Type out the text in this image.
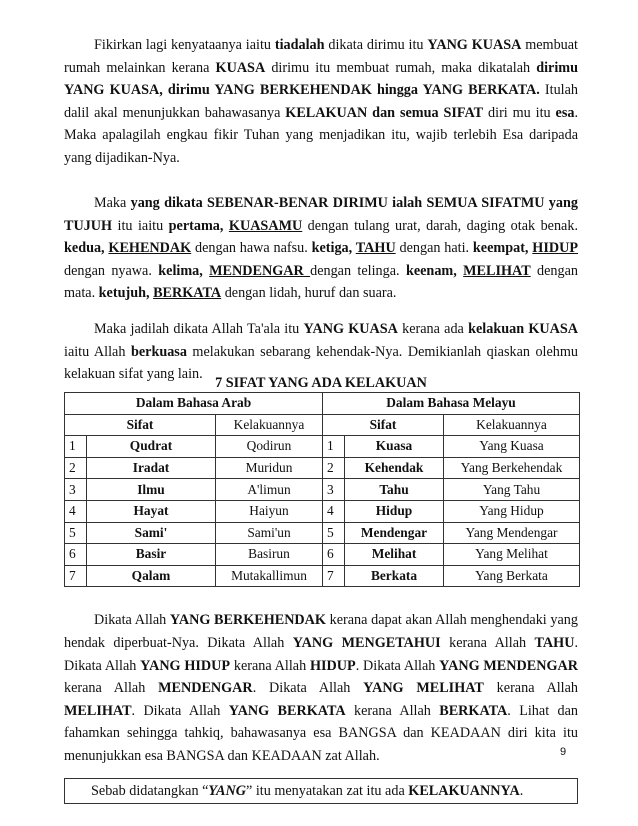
Fikirkan lagi kenyataanya iaitu tiadalah dikata dirimu itu YANG KUASA membuat rumah melainkan kerana KUASA dirimu itu membuat rumah, maka dikatalah dirimu YANG KUASA, dirimu YANG BERKEHENDAK hingga YANG BERKATA. Itulah dalil akal menunjukkan bahawasanya KELAKUAN dan semua SIFAT diri mu itu esa. Maka apalagilah engkau fikir Tuhan yang menjadikan itu, wajib terlebih Esa daripada yang dijadikan-Nya.

Maka yang dikata SEBENAR-BENAR DIRIMU ialah SEMUA SIFATMU yang TUJUH itu iaitu pertama, KUASAMU dengan tulang urat, darah, daging otak benak. kedua, KEHENDAK dengan hawa nafsu. ketiga, TAHU dengan hati. keempat, HIDUP dengan nyawa. kelima, MENDENGAR dengan telinga. keenam, MELIHAT dengan mata. ketujuh, BERKATA dengan lidah, huruf dan suara.

Maka jadilah dikata Allah Ta'ala itu YANG KUASA kerana ada kelakuan KUASA iaitu Allah berkuasa melakukan sebarang kehendak-Nya. Demikianlah qiaskan olehmu kelakuan sifat yang lain.

7 SIFAT YANG ADA KELAKUAN
Dalam Bahasa Arab			Dalam Bahasa Melayu		
Sifat		Kelakuannya	Sifat		Kelakuannya
1	Qudrat	Qodirun	1	Kuasa	Yang Kuasa
2	Iradat	Muridun	2	Kehendak	Yang Berkehendak
3	Ilmu	A'limun	3	Tahu	Yang Tahu
4	Hayat	Haiyun	4	Hidup	Yang Hidup
5	Sami'	Sami'un	5	Mendengar	Yang Mendengar
6	Basir	Basirun	6	Melihat	Yang Melihat
7	Qalam	Mutakallimun	7	Berkata	Yang Berkata

Dikata Allah YANG BERKEHENDAK kerana dapat akan Allah menghendaki yang hendak diperbuat-Nya. Dikata Allah YANG MENGETAHUI kerana Allah TAHU. Dikata Allah YANG HIDUP kerana Allah HIDUP. Dikata Allah YANG MENDENGAR kerana Allah MENDENGAR. Dikata Allah YANG MELIHAT kerana Allah MELIHAT. Dikata Allah YANG BERKATA kerana Allah BERKATA. Lihat dan fahamkan sehingga tahkiq, bahawasanya esa BANGSA dan KEADAAN diri kita itu menunjukkan esa BANGSA dan KEADAAN zat Allah.

Sebab didatangkan “YANG” itu menyatakan zat itu ada KELAKUANNYA.
9
